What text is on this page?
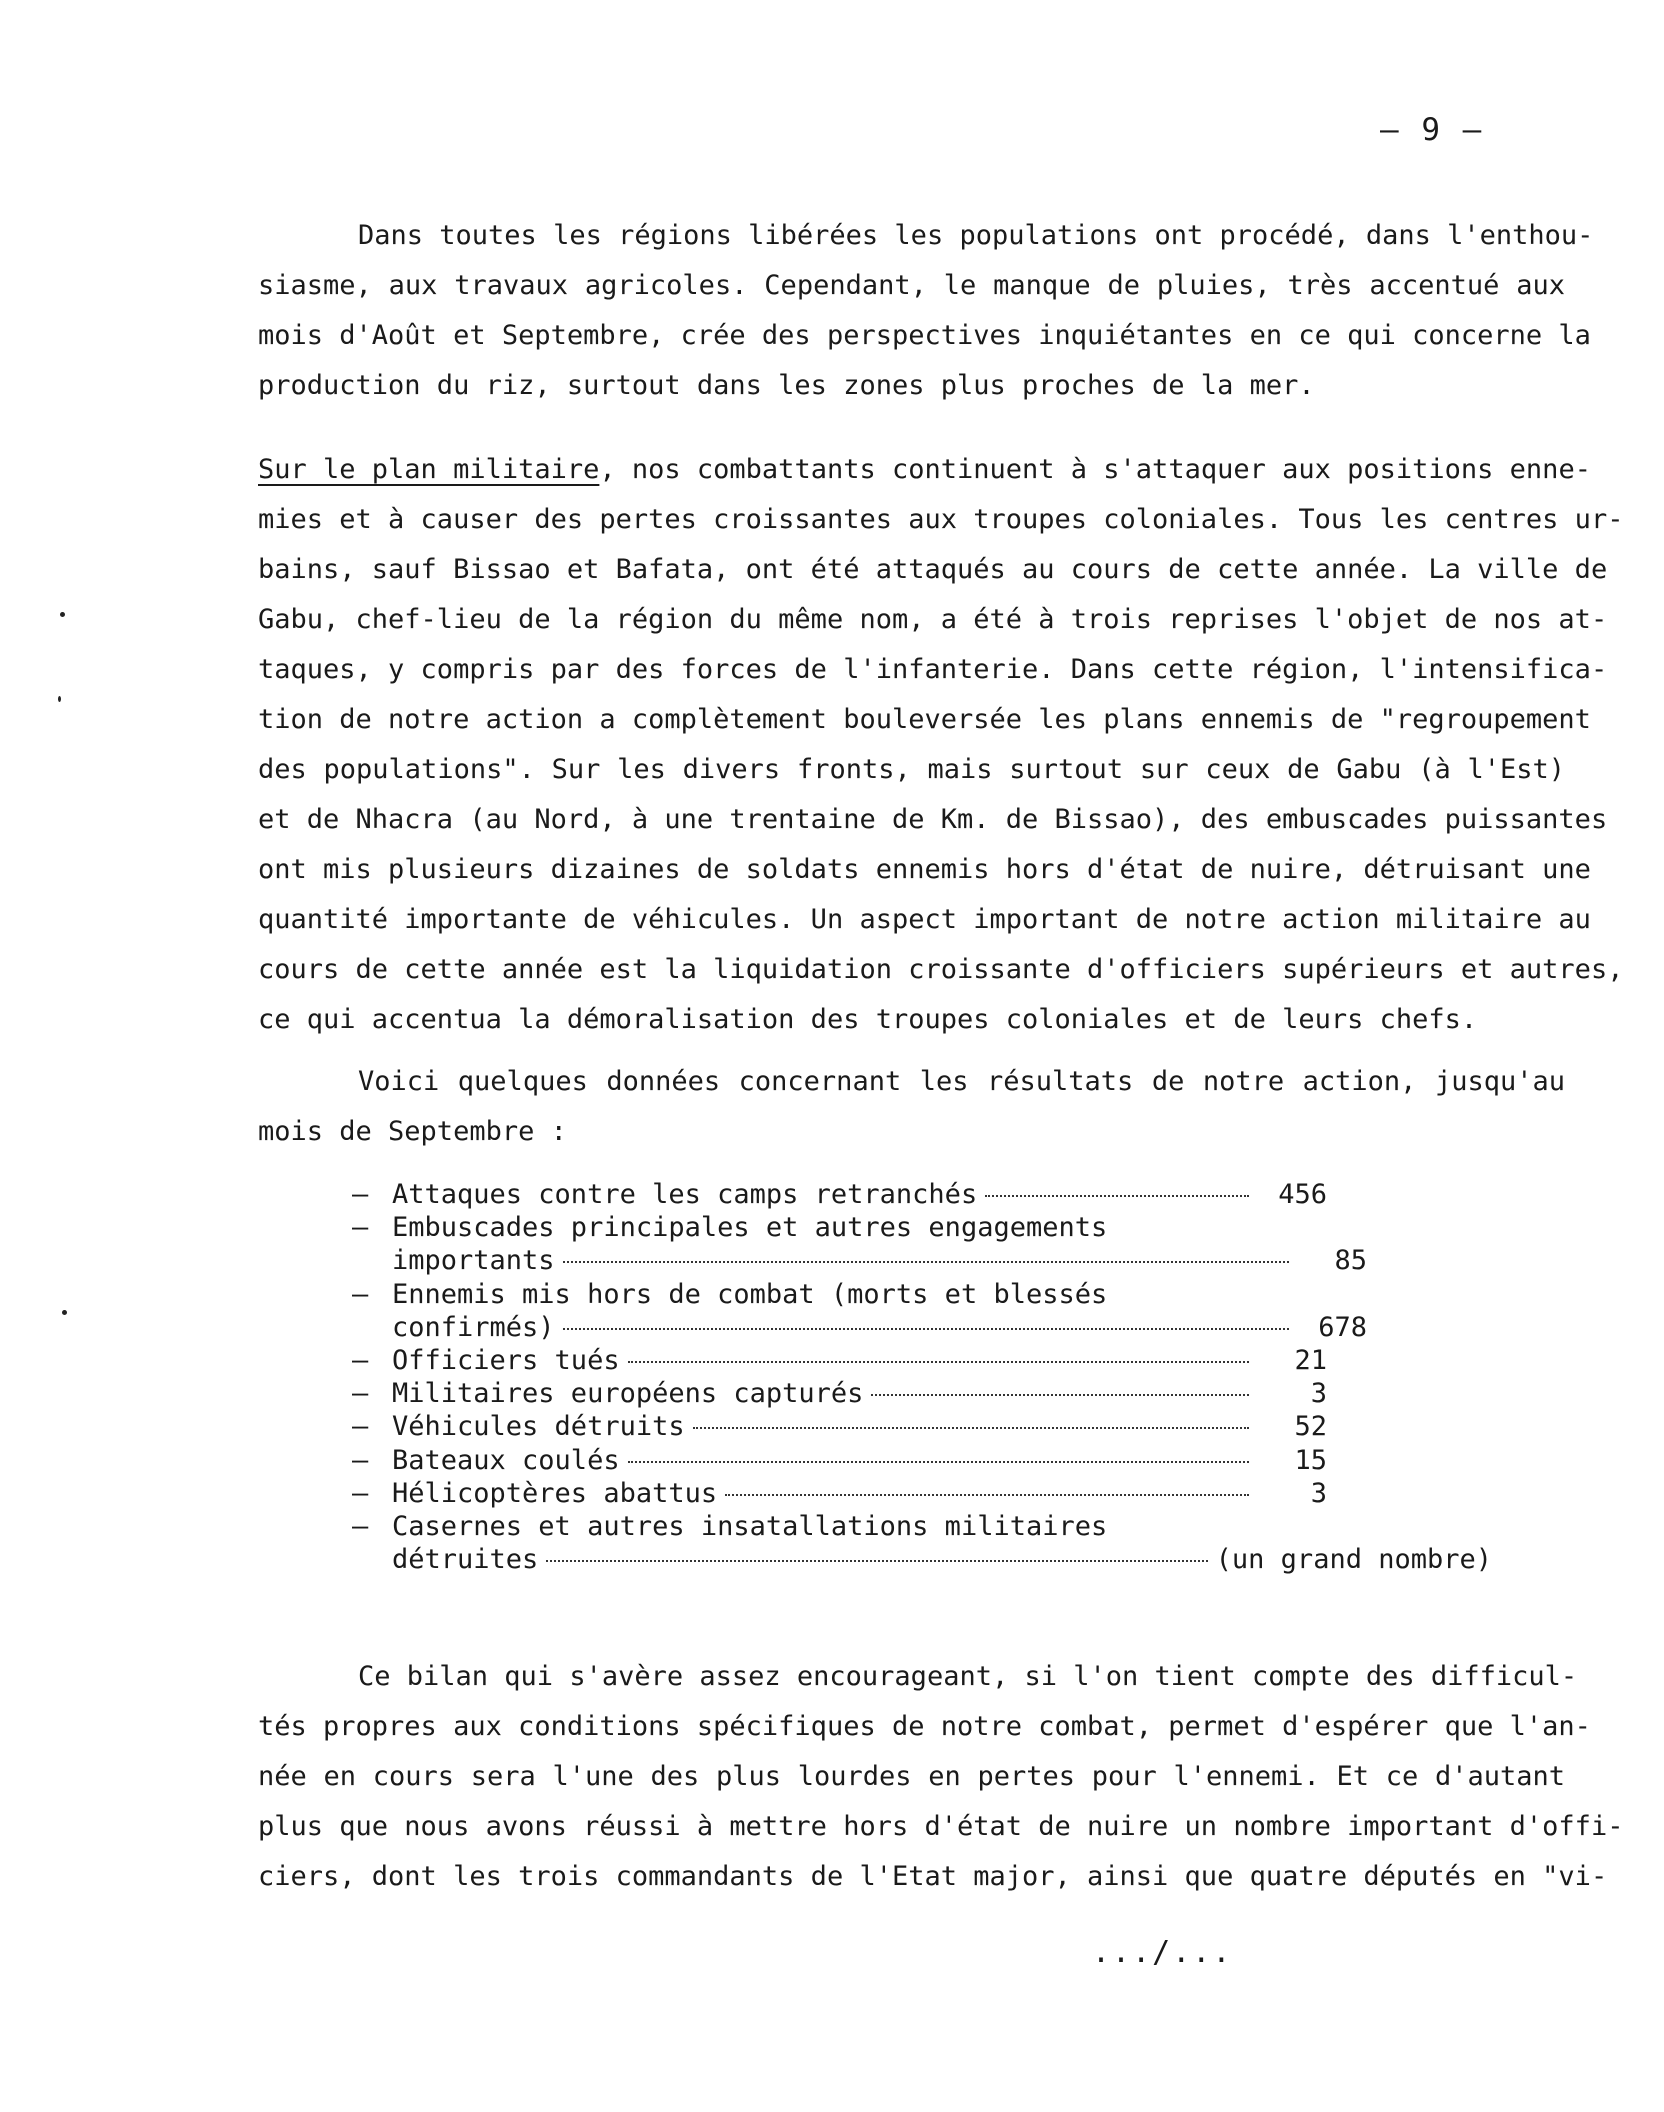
– 9 –
Dans toutes les régions libérées les populations ont procédé, dans l'enthou-
siasme, aux travaux agricoles. Cependant, le manque de pluies, très accentué aux
mois d'Août et Septembre, crée des perspectives inquiétantes en ce qui concerne la
production du riz, surtout dans les zones plus proches de la mer.
Sur le plan militaire, nos combattants continuent à s'attaquer aux positions enne-
mies et à causer des pertes croissantes aux troupes coloniales. Tous les centres ur-
bains, sauf Bissao et Bafata, ont été attaqués au cours de cette année. La ville de
Gabu, chef-lieu de la région du même nom, a été à trois reprises l'objet de nos at-
taques, y compris par des forces de l'infanterie. Dans cette région, l'intensifica-
tion de notre action a complètement bouleversée les plans ennemis de "regroupement
des populations". Sur les divers fronts, mais surtout sur ceux de Gabu (à l'Est)
et de Nhacra (au Nord, à une trentaine de Km. de Bissao), des embuscades puissantes
ont mis plusieurs dizaines de soldats ennemis hors d'état de nuire, détruisant une
quantité importante de véhicules. Un aspect important de notre action militaire au
cours de cette année est la liquidation croissante d'officiers supérieurs et autres,
ce qui accentua la démoralisation des troupes coloniales et de leurs chefs.
Voici quelques données concernant les résultats de notre action, jusqu'au
mois de Septembre :
– Attaques contre les camps retranchés	456
– Embuscades principales et autres engagements
importants	85
– Ennemis mis hors de combat (morts et blessés
confirmés)	678
– Officiers tués	21
– Militaires européens capturés	3
– Véhicules détruits	52
– Bateaux coulés	15
– Hélicoptères abattus	3
– Casernes et autres insatallations militaires
détruites	(un grand nombre)
Ce bilan qui s'avère assez encourageant, si l'on tient compte des difficul-
tés propres aux conditions spécifiques de notre combat, permet d'espérer que l'an-
née en cours sera l'une des plus lourdes en pertes pour l'ennemi. Et ce d'autant
plus que nous avons réussi à mettre hors d'état de nuire un nombre important d'offi-
ciers, dont les trois commandants de l'Etat major, ainsi que quatre députés en "vi-
.../...
